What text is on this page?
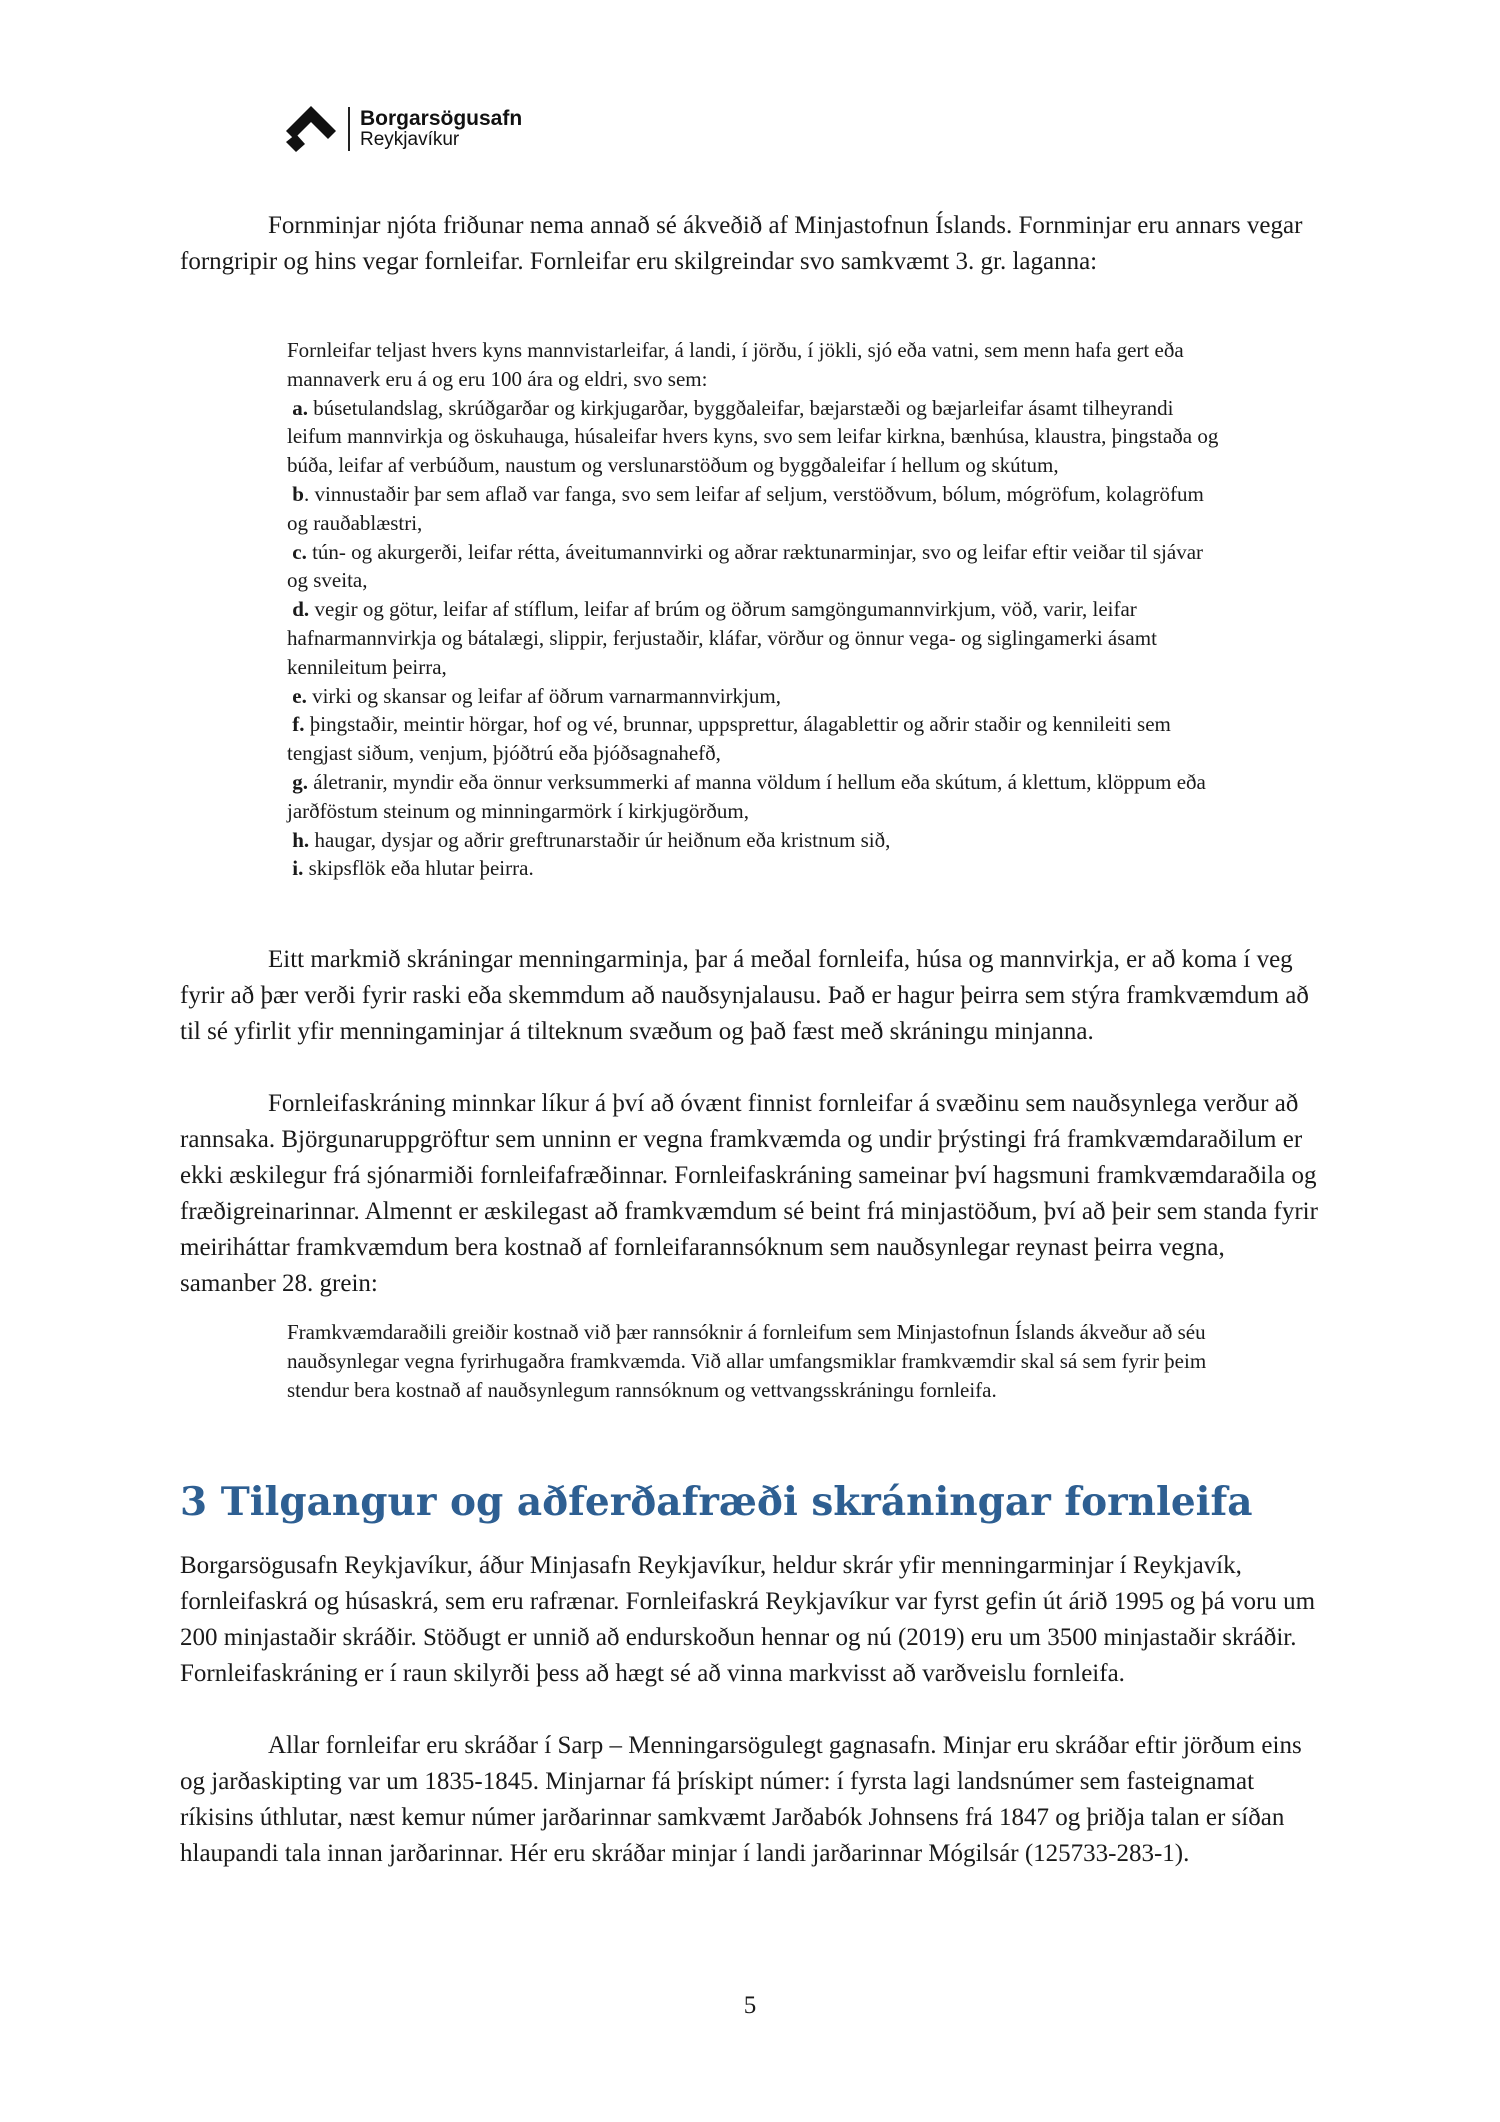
Borgarsögusafn
Reykjavíkur

Fornminjar njóta friðunar nema annað sé ákveðið af Minjastofnun Íslands. Fornminjar eru annars vegar forngripir og hins vegar fornleifar. Fornleifar eru skilgreindar svo samkvæmt 3. gr. laganna:

Fornleifar teljast hvers kyns mannvistarleifar, á landi, í jörðu, í jökli, sjó eða vatni, sem menn hafa gert eða mannaverk eru á og eru 100 ára og eldri, svo sem:
a. búsetulandslag, skrúðgarðar og kirkjugarðar, byggðaleifar, bæjarstæði og bæjarleifar ásamt tilheyrandi leifum mannvirkja og öskuhauga, húsaleifar hvers kyns, svo sem leifar kirkna, bænhúsa, klaustra, þingstaða og búða, leifar af verbúðum, naustum og verslunarstöðum og byggðaleifar í hellum og skútum,
b. vinnustaðir þar sem aflað var fanga, svo sem leifar af seljum, verstöðvum, bólum, mógröfum, kolagröfum og rauðablæstri,
c. tún- og akurgerði, leifar rétta, áveitumannvirki og aðrar ræktunarminjar, svo og leifar eftir veiðar til sjávar og sveita,
d. vegir og götur, leifar af stíflum, leifar af brúm og öðrum samgöngumannvirkjum, vöð, varir, leifar hafnarmannvirkja og bátalægi, slippir, ferjustaðir, kláfar, vörður og önnur vega- og siglingamerki ásamt kennileitum þeirra,
e. virki og skansar og leifar af öðrum varnarmannvirkjum,
f. þingstaðir, meintir hörgar, hof og vé, brunnar, uppsprettur, álagablettir og aðrir staðir og kennileiti sem tengjast siðum, venjum, þjóðtrú eða þjóðsagnahefð,
g. áletranir, myndir eða önnur verksummerki af manna völdum í hellum eða skútum, á klettum, klöppum eða jarðföstum steinum og minningarmörk í kirkjugörðum,
h. haugar, dysjar og aðrir greftrunarstaðir úr heiðnum eða kristnum sið,
i. skipsflök eða hlutar þeirra.

Eitt markmið skráningar menningarminja, þar á meðal fornleifa, húsa og mannvirkja, er að koma í veg fyrir að þær verði fyrir raski eða skemmdum að nauðsynjalausu. Það er hagur þeirra sem stýra framkvæmdum að til sé yfirlit yfir menningaminjar á tilteknum svæðum og það fæst með skráningu minjanna.

Fornleifaskráning minnkar líkur á því að óvænt finnist fornleifar á svæðinu sem nauðsynlega verður að rannsaka. Björgunaruppgröftur sem unninn er vegna framkvæmda og undir þrýstingi frá framkvæmdaraðilum er ekki æskilegur frá sjónarmiði fornleifafræðinnar. Fornleifaskráning sameinar því hagsmuni framkvæmdaraðila og fræðigreinarinnar. Almennt er æskilegast að framkvæmdum sé beint frá minjastöðum, því að þeir sem standa fyrir meiriháttar framkvæmdum bera kostnað af fornleifarannsóknum sem nauðsynlegar reynast þeirra vegna, samanber 28. grein:

Framkvæmdaraðili greiðir kostnað við þær rannsóknir á fornleifum sem Minjastofnun Íslands ákveður að séu nauðsynlegar vegna fyrirhugaðra framkvæmda. Við allar umfangsmiklar framkvæmdir skal sá sem fyrir þeim stendur bera kostnað af nauðsynlegum rannsóknum og vettvangsskráningu fornleifa.

3 Tilgangur og aðferðafræði skráningar fornleifa

Borgarsögusafn Reykjavíkur, áður Minjasafn Reykjavíkur, heldur skrár yfir menningarminjar í Reykjavík, fornleifaskrá og húsaskrá, sem eru rafrænar. Fornleifaskrá Reykjavíkur var fyrst gefin út árið 1995 og þá voru um 200 minjastaðir skráðir. Stöðugt er unnið að endurskoðun hennar og nú (2019) eru um 3500 minjastaðir skráðir. Fornleifaskráning er í raun skilyrði þess að hægt sé að vinna markvisst að varðveislu fornleifa.

Allar fornleifar eru skráðar í Sarp – Menningarsögulegt gagnasafn. Minjar eru skráðar eftir jörðum eins og jarðaskipting var um 1835-1845. Minjarnar fá þrískipt númer: í fyrsta lagi landsnúmer sem fasteignamat ríkisins úthlutar, næst kemur númer jarðarinnar samkvæmt Jarðabók Johnsens frá 1847 og þriðja talan er síðan hlaupandi tala innan jarðarinnar. Hér eru skráðar minjar í landi jarðarinnar Mógilsár (125733-283-1).

5
